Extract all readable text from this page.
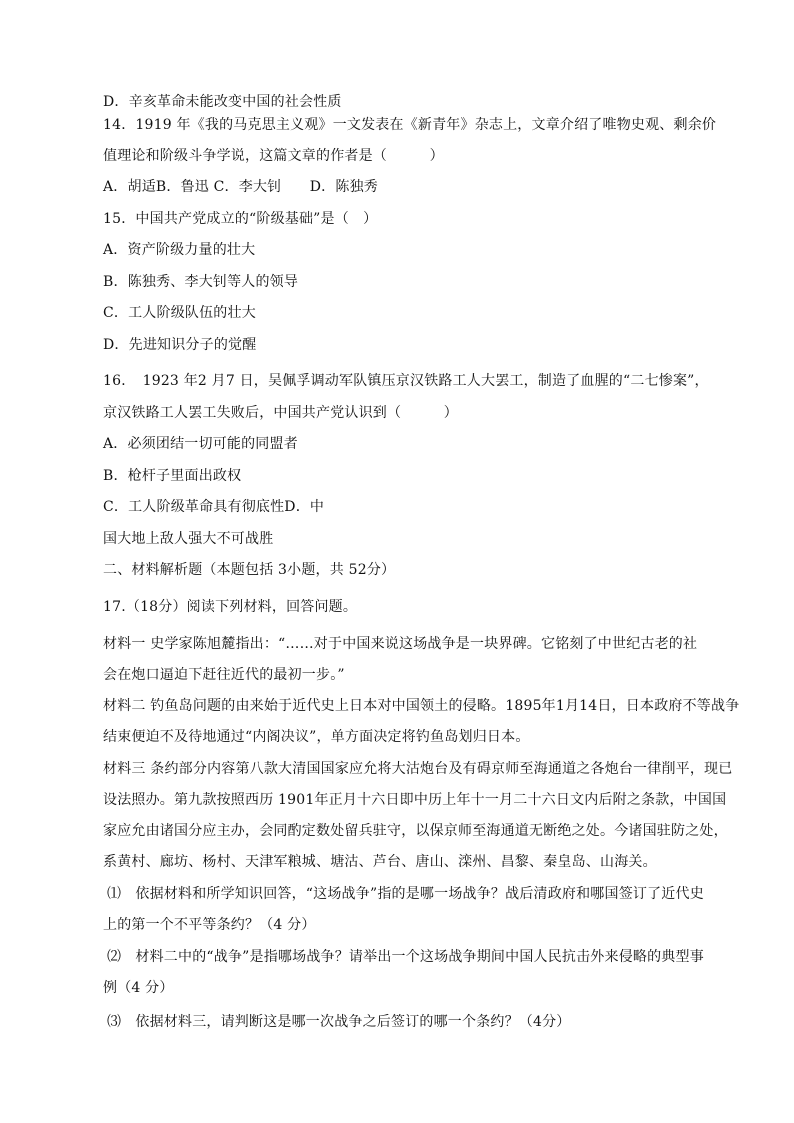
D．辛亥革命未能改变中国的社会性质
14．1919 年《我的马克思主义观》一文发表在《新青年》杂志上，文章介绍了唯物史观、剩余价
值理论和阶级斗争学说，这篇文章的作者是（　　　）
A．胡适B．鲁迅 C．李大钊　　D．陈独秀
15．中国共产党成立的“阶级基础”是（　）
A．资产阶级力量的壮大
B．陈独秀、李大钊等人的领导
C．工人阶级队伍的壮大
D．先进知识分子的觉醒
16．　1923 年2 月7 日，吴佩孚调动军队镇压京汉铁路工人大罢工，制造了血腥的“二七惨案”，
京汉铁路工人罢工失败后，中国共产党认识到（　　　）
A．必须团结一切可能的同盟者
B．枪杆子里面出政权
C．工人阶级革命具有彻底性D．中
国大地上敌人强大不可战胜
二、材料解析题（本题包括 3小题，共 52分）
17.（18分）阅读下列材料，回答问题。
材料一 史学家陈旭麓指出：“……对于中国来说这场战争是一块界碑。它铭刻了中世纪古老的社
会在炮口逼迫下赶往近代的最初一步。”
材料二 钓鱼岛问题的由来始于近代史上日本对中国领土的侵略。1895年1月14日，日本政府不等战争
结束便迫不及待地通过“内阁决议”，单方面决定将钓鱼岛划归日本。
材料三 条约部分内容第八款大清国国家应允将大沽炮台及有碍京师至海通道之各炮台一律削平，现已
设法照办。第九款按照西历 1901年正月十六日即中历上年十一月二十六日文内后附之条款，中国国
家应允由诸国分应主办，会同酌定数处留兵驻守，以保京师至海通道无断绝之处。今诸国驻防之处，
系黄村、廊坊、杨村、天津军粮城、塘沽、芦台、唐山、滦州、昌黎、秦皇岛、山海关。
⑴　依据材料和所学知识回答，“这场战争”指的是哪一场战争？战后清政府和哪国签订了近代史
上的第一个不平等条约？（4 分）
⑵　材料二中的“战争”是指哪场战争？请举出一个这场战争期间中国人民抗击外来侵略的典型事
例（4 分）
⑶　依据材料三，请判断这是哪一次战争之后签订的哪一个条约？（4分）
